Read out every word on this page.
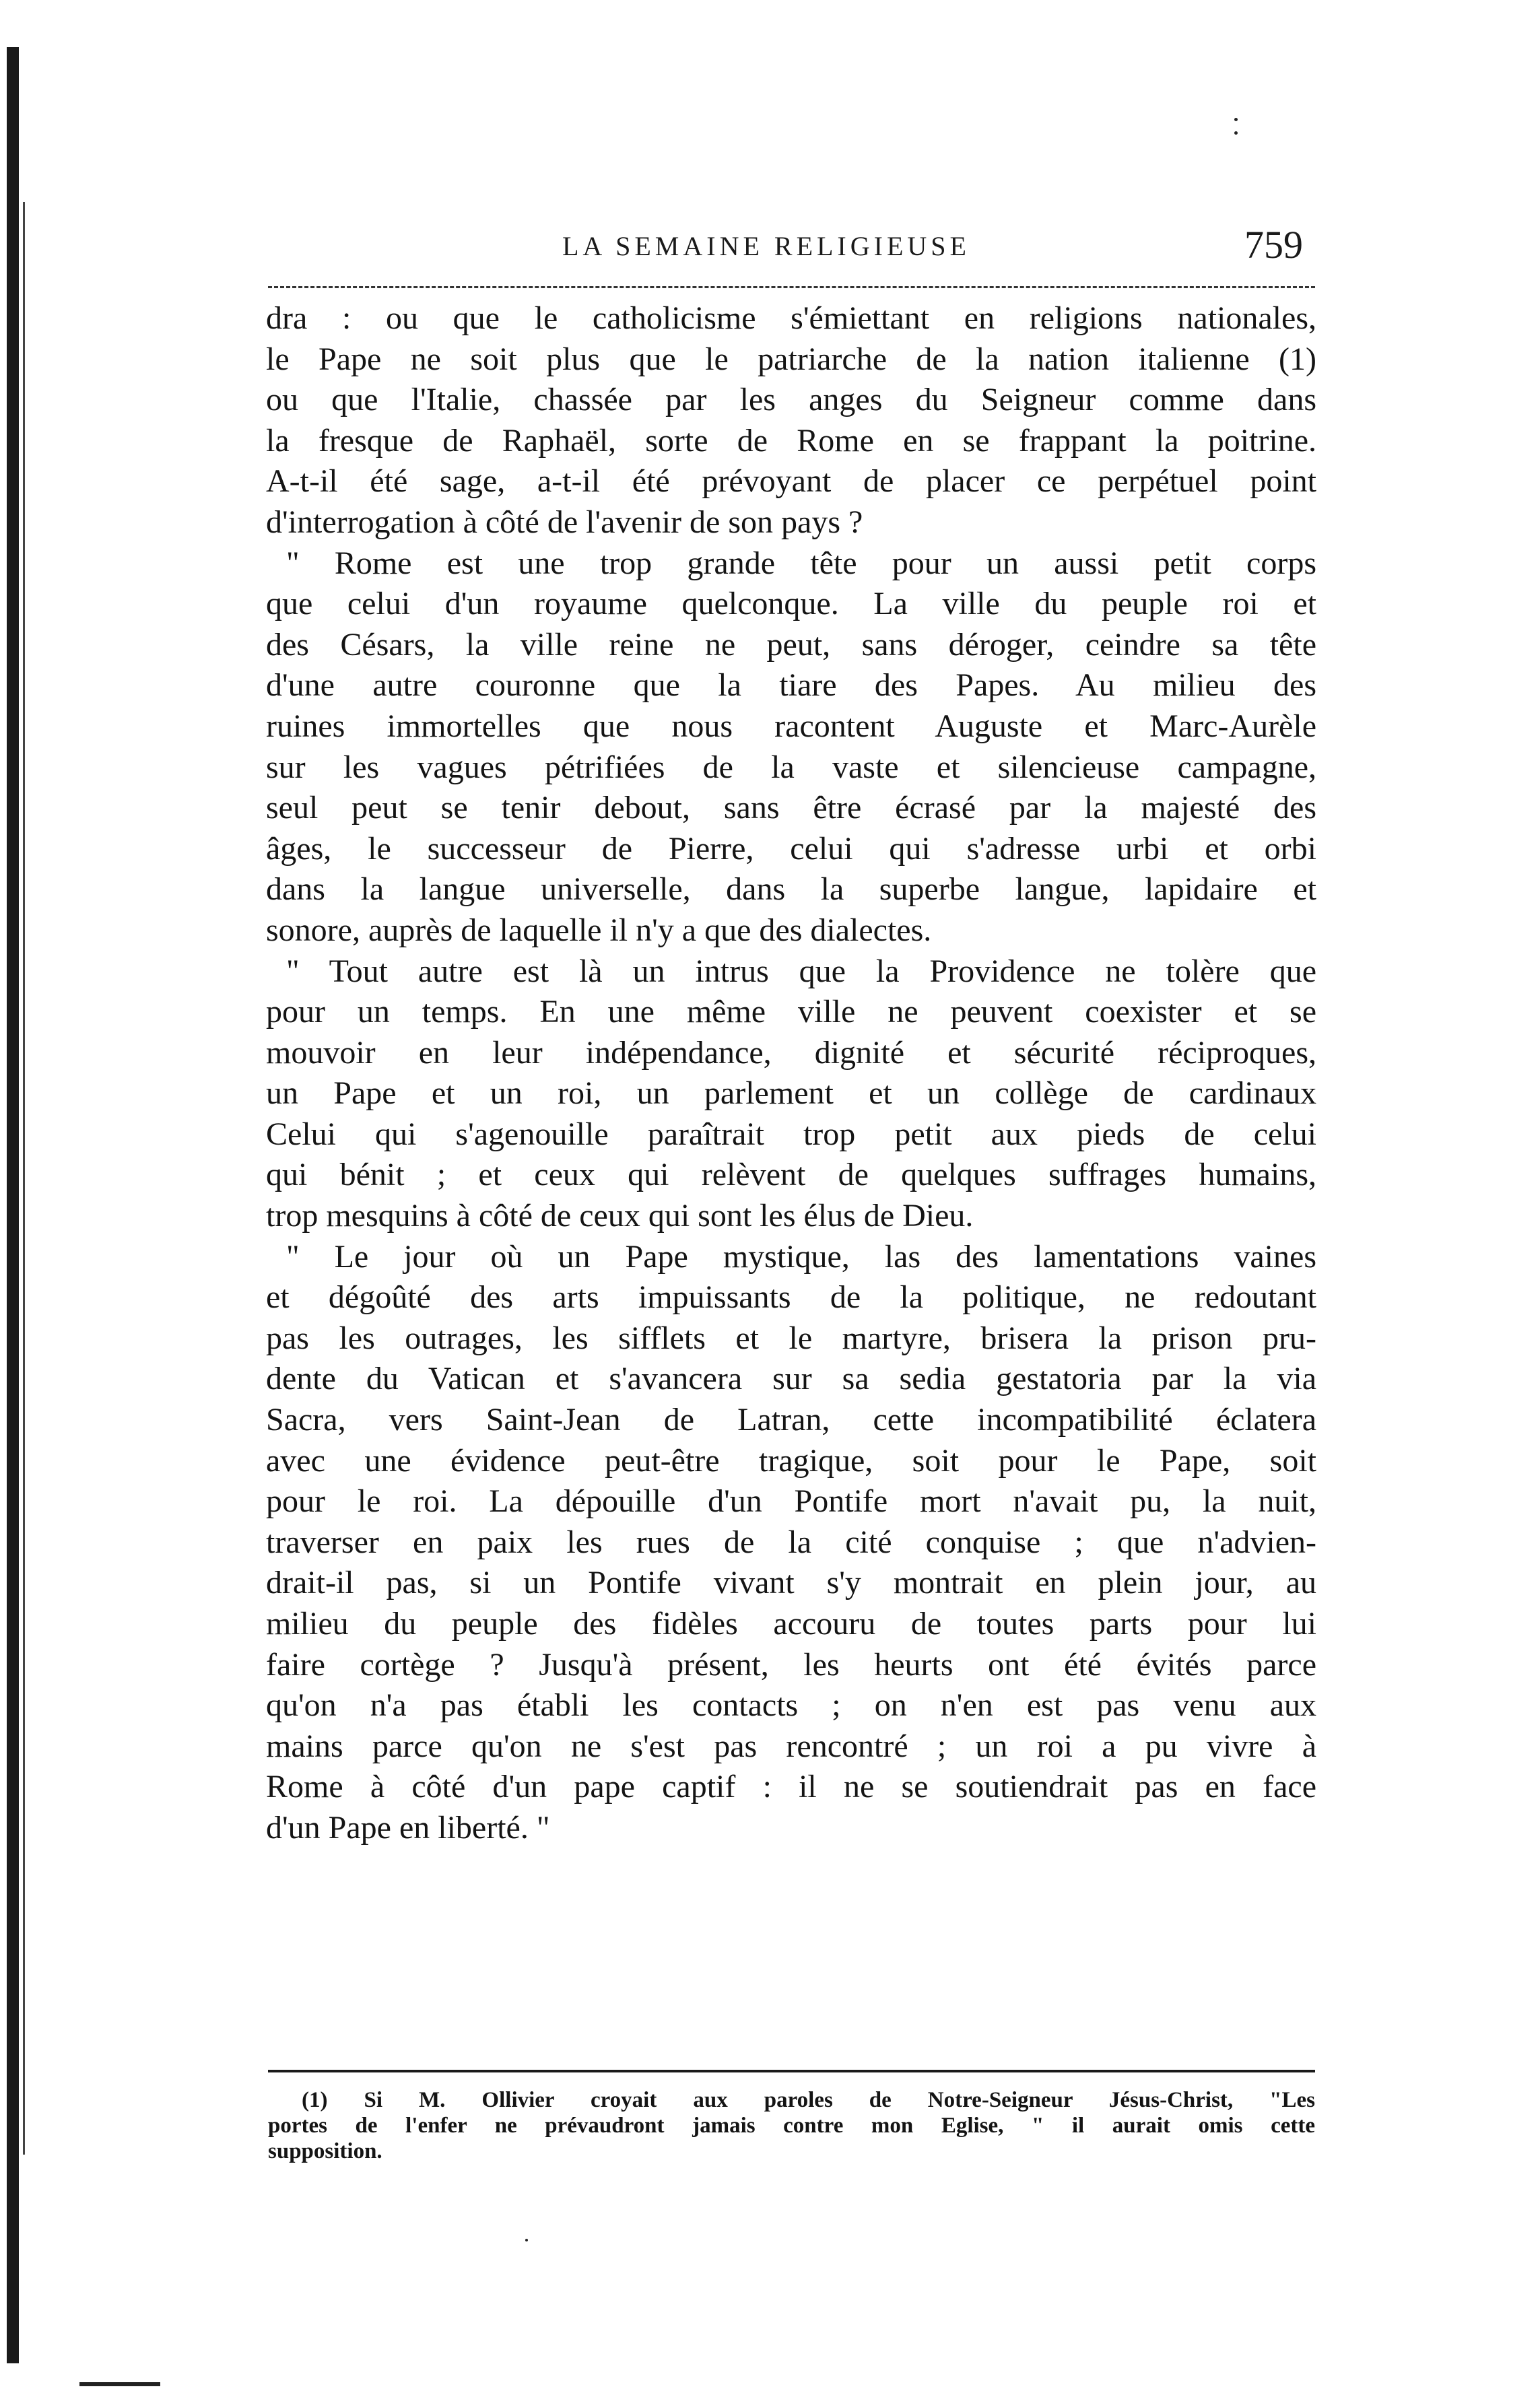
LA SEMAINE RELIGIEUSE	759
dra : ou que le catholicisme s'émiettant en religions nationales,
le Pape ne soit plus que le patriarche de la nation italienne (1)
ou que l'Italie, chassée par les anges du Seigneur comme dans
la fresque de Raphaël, sorte de Rome en se frappant la poitrine.
A-t-il été sage, a-t-il été prévoyant de placer ce perpétuel point
d'interrogation à côté de l'avenir de son pays ?
" Rome est une trop grande tête pour un aussi petit corps
que celui d'un royaume quelconque. La ville du peuple roi et
des Césars, la ville reine ne peut, sans déroger, ceindre sa tête
d'une autre couronne que la tiare des Papes. Au milieu des
ruines immortelles que nous racontent Auguste et Marc-Aurèle
sur les vagues pétrifiées de la vaste et silencieuse campagne,
seul peut se tenir debout, sans être écrasé par la majesté des
âges, le successeur de Pierre, celui qui s'adresse urbi et orbi
dans la langue universelle, dans la superbe langue, lapidaire et
sonore, auprès de laquelle il n'y a que des dialectes.
" Tout autre est là un intrus que la Providence ne tolère que
pour un temps. En une même ville ne peuvent coexister et se
mouvoir en leur indépendance, dignité et sécurité réciproques,
un Pape et un roi, un parlement et un collège de cardinaux
Celui qui s'agenouille paraîtrait trop petit aux pieds de celui
qui bénit ; et ceux qui relèvent de quelques suffrages humains,
trop mesquins à côté de ceux qui sont les élus de Dieu.
" Le jour où un Pape mystique, las des lamentations vaines
et dégoûté des arts impuissants de la politique, ne redoutant
pas les outrages, les sifflets et le martyre, brisera la prison pru-
dente du Vatican et s'avancera sur sa sedia gestatoria par la via
Sacra, vers Saint-Jean de Latran, cette incompatibilité éclatera
avec une évidence peut-être tragique, soit pour le Pape, soit
pour le roi. La dépouille d'un Pontife mort n'avait pu, la nuit,
traverser en paix les rues de la cité conquise ; que n'advien-
drait-il pas, si un Pontife vivant s'y montrait en plein jour, au
milieu du peuple des fidèles accouru de toutes parts pour lui
faire cortège ? Jusqu'à présent, les heurts ont été évités parce
qu'on n'a pas établi les contacts ; on n'en est pas venu aux
mains parce qu'on ne s'est pas rencontré ; un roi a pu vivre à
Rome à côté d'un pape captif : il ne se soutiendrait pas en face
d'un Pape en liberté. "
(1) Si M. Ollivier croyait aux paroles de Notre-Seigneur Jésus-Christ, "Les
portes de l'enfer ne prévaudront jamais contre mon Eglise, " il aurait omis cette
supposition.
